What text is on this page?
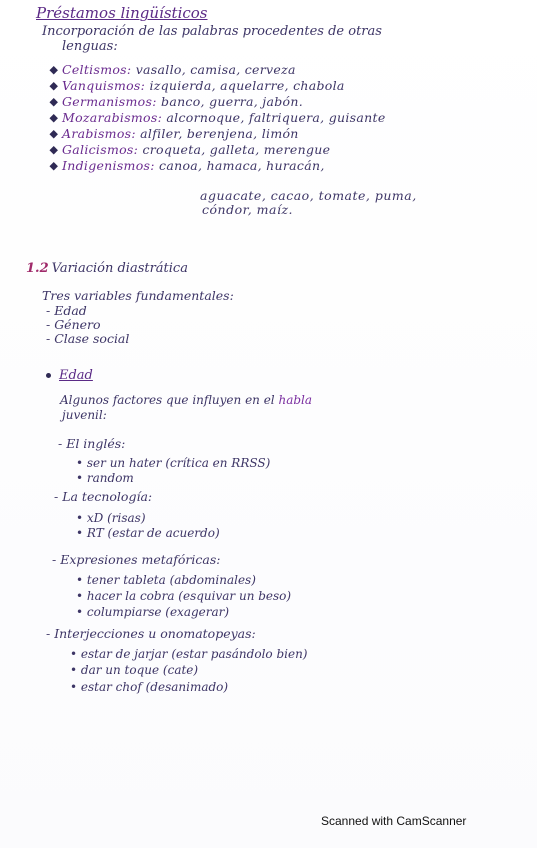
Préstamos lingüísticos
Incorporación de las palabras procedentes de otras
lenguas:
Celtismos: vasallo, camisa, cerveza
Vanquismos: izquierda, aquelarre, chabola
Germanismos: banco, guerra, jabón.
Mozarabismos: alcornoque, faltriquera, guisante
Arabismos: alfiler, berenjena, limón
Galicismos: croqueta, galleta, merengue
Indigenismos: canoa, hamaca, huracán,
aguacate, cacao, tomate, puma,
cóndor, maíz.
1.2 Variación diastrática
Tres variables fundamentales:
- Edad
- Género
- Clase social
Edad
Algunos factores que influyen en el habla
juvenil:
- El inglés:
• ser un hater (crítica en RRSS)
• random
- La tecnología:
• xD (risas)
• RT (estar de acuerdo)
- Expresiones metafóricas:
• tener tableta (abdominales)
• hacer la cobra (esquivar un beso)
• columpiarse (exagerar)
- Interjecciones u onomatopeyas:
• estar de jarjar (estar pasándolo bien)
• dar un toque (cate)
• estar chof (desanimado)
Scanned with CamScanner
